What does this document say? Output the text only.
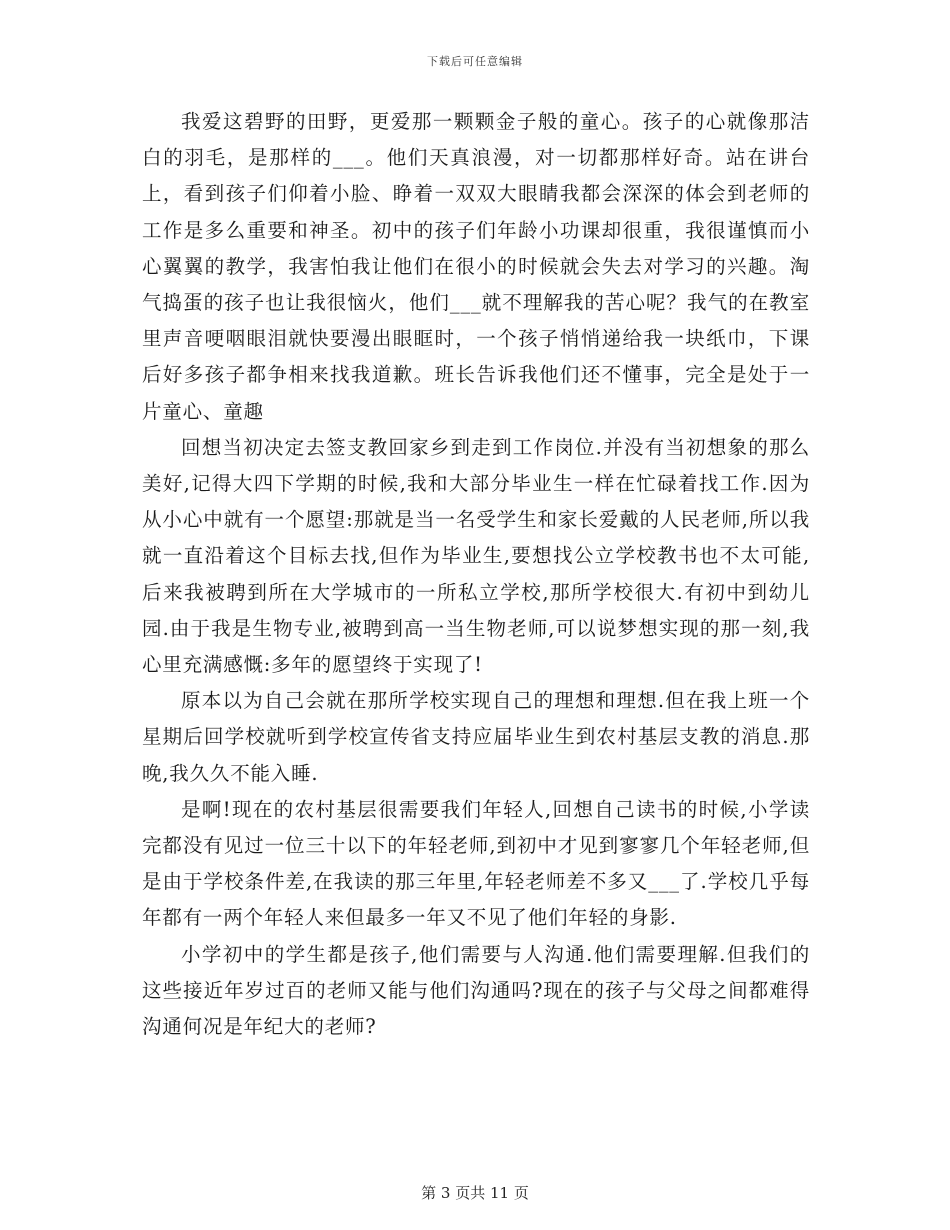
下载后可任意编辑

我爱这碧野的田野，更爱那一颗颗金子般的童心。孩子的心就像那洁白的羽毛，是那样的___。他们天真浪漫，对一切都那样好奇。站在讲台上，看到孩子们仰着小脸、睁着一双双大眼睛我都会深深的体会到老师的工作是多么重要和神圣。初中的孩子们年龄小功课却很重，我很谨慎而小心翼翼的教学，我害怕我让他们在很小的时候就会失去对学习的兴趣。淘气捣蛋的孩子也让我很恼火，他们___就不理解我的苦心呢？我气的在教室里声音哽咽眼泪就快要漫出眼眶时，一个孩子悄悄递给我一块纸巾，下课后好多孩子都争相来找我道歉。班长告诉我他们还不懂事，完全是处于一片童心、童趣

回想当初决定去签支教回家乡到走到工作岗位.并没有当初想象的那么美好,记得大四下学期的时候,我和大部分毕业生一样在忙碌着找工作.因为从小心中就有一个愿望:那就是当一名受学生和家长爱戴的人民老师,所以我就一直沿着这个目标去找,但作为毕业生,要想找公立学校教书也不太可能,后来我被聘到所在大学城市的一所私立学校,那所学校很大.有初中到幼儿园.由于我是生物专业,被聘到高一当生物老师,可以说梦想实现的那一刻,我心里充满感慨:多年的愿望终于实现了!

原本以为自己会就在那所学校实现自己的理想和理想.但在我上班一个星期后回学校就听到学校宣传省支持应届毕业生到农村基层支教的消息.那晚,我久久不能入睡.

是啊!现在的农村基层很需要我们年轻人,回想自己读书的时候,小学读完都没有见过一位三十以下的年轻老师,到初中才见到寥寥几个年轻老师,但是由于学校条件差,在我读的那三年里,年轻老师差不多又___了.学校几乎每年都有一两个年轻人来但最多一年又不见了他们年轻的身影.

小学初中的学生都是孩子,他们需要与人沟通.他们需要理解.但我们的这些接近年岁过百的老师又能与他们沟通吗?现在的孩子与父母之间都难得沟通何况是年纪大的老师?

第 3 页共 11 页
